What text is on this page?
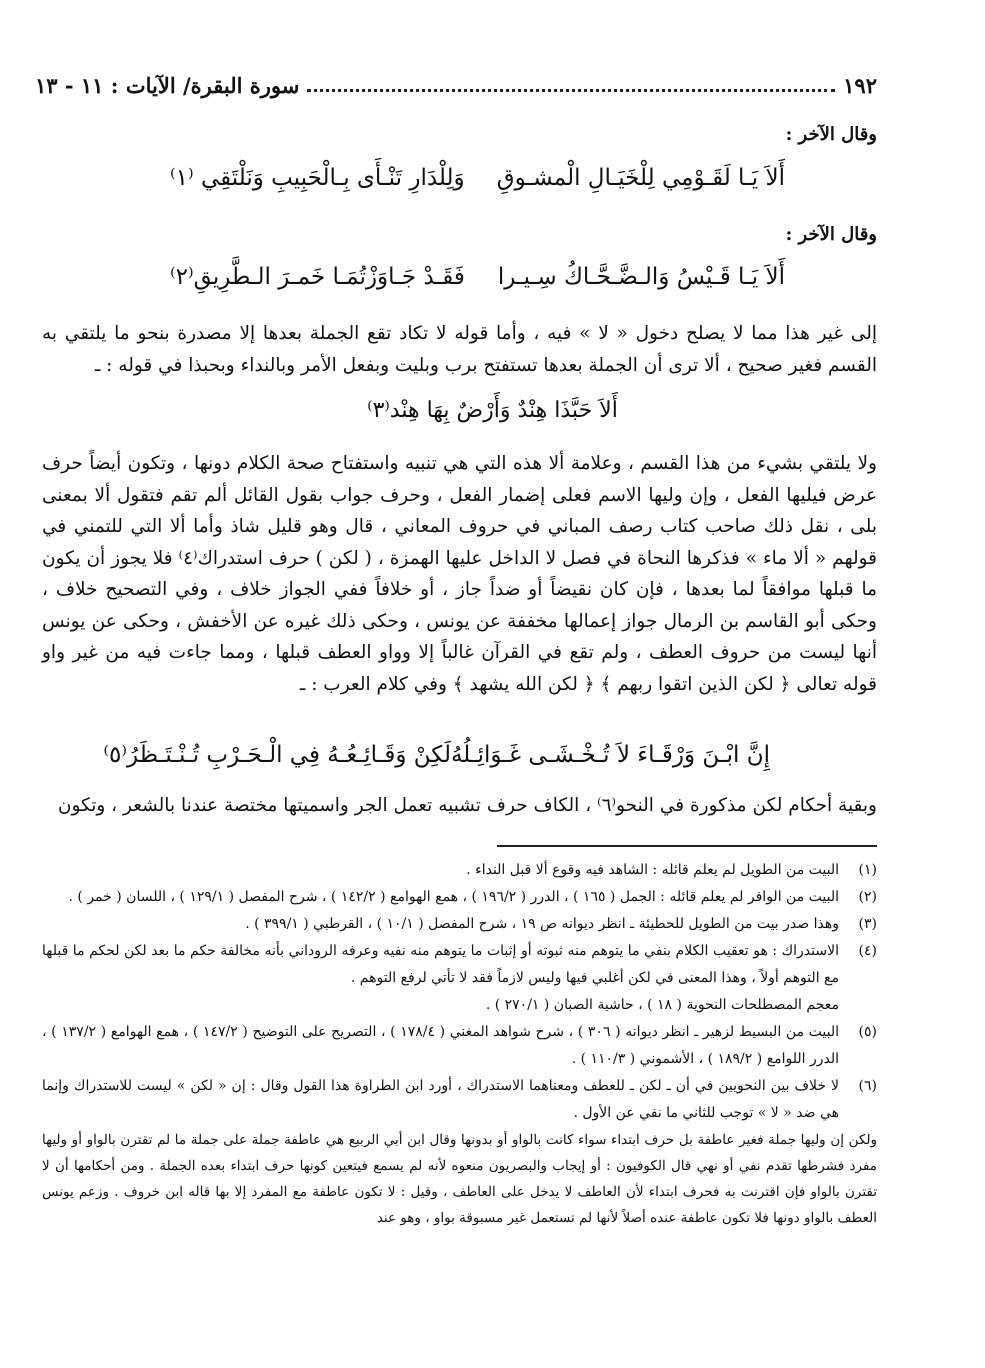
١٩٢
سورة البقرة/ الآيات : ١١ - ١٣
وقال الآخر :
أَلاَ يَـا لَقَـوْمِي لِلْخَيَـالِ الْمشـوقِ
وَلِلْدَارِ تَنْـأَى بِـالْحَبِيبِ وَنَلْتَقِي ⁽١⁾
وقال الآخر :
أَلاَ يَـا قَـيْسُ وَالـضَّـحَّـاكُ سِـيـرا
فَقَـدْ جَـاوَزْتُمَـا خَمـرَ الـطَّرِيقِ⁽٢⁾
إلى غير هذا مما لا يصلح دخول « لا » فيه ، وأما قوله لا تكاد تقع الجملة بعدها إلا مصدرة بنحو ما يلتقي به القسم فغير صحيح ، ألا ترى أن الجملة بعدها تستفتح برب وبليت وبفعل الأمر وبالنداء وبحبذا في قوله : ـ
أَلاَ حَبَّذَا هِنْدٌ وَأَرْضٌ بِهَا هِنْد⁽٣⁾
ولا يلتقي بشيء من هذا القسم ، وعلامة ألا هذه التي هي تنبيه واستفتاح صحة الكلام دونها ، وتكون أيضاً حرف عرض فيليها الفعل ، وإن وليها الاسم فعلى إضمار الفعل ، وحرف جواب بقول القائل ألم تقم فتقول ألا بمعنى بلى ، نقل ذلك صاحب كتاب رصف المباني في حروف المعاني ، قال وهو قليل شاذ وأما ألا التي للتمني في قولهم « ألا ماء » فذكرها النحاة في فصل لا الداخل عليها الهمزة ، ( لكن ) حرف استدراك⁽٤⁾ فلا يجوز أن يكون ما قبلها موافقاً لما بعدها ، فإن كان نقيضاً أو ضداً جاز ، أو خلافاً ففي الجواز خلاف ، وفي التصحيح خلاف ، وحكى أبو القاسم بن الرمال جواز إعمالها مخففة عن يونس ، وحكى ذلك غيره عن الأخفش ، وحكى عن يونس أنها ليست من حروف العطف ، ولم تقع في القرآن غالباً إلا وواو العطف قبلها ، ومما جاءت فيه من غير واو قوله تعالى ﴿ لكن الذين اتقوا ربهم ﴾ ﴿ لكن الله يشهد ﴾ وفي كلام العرب : ـ
إِنَّ ابْـنَ وَرْقَـاءَ لاَ تُـخْـشَـى غَـوَائِـلُهُ
لَكِنْ وَقَـائِـعُـهُ فِي الْـحَـرْبِ تُـنْـتَـظَرُ⁽٥⁾
وبقية أحكام لكن مذكورة في النحو⁽٦⁾ ، الكاف حرف تشبيه تعمل الجر واسميتها مختصة عندنا بالشعر ، وتكون
(١)
البيت من الطويل لم يعلم قائله : الشاهد فيه وقوع ألا قبل النداء .
(٢)
البيت من الوافر لم يعلم قائله : الجمل ( ١٦٥ ) ، الدرر ( ١٩٦/٢ ) ، همع الهوامع ( ١٤٢/٢ ) ، شرح المفصل ( ١٢٩/١ ) ، اللسان ( خمر ) .
(٣)
وهذا صدر بيت من الطويل للحطيئة ـ انظر ديوانه ص ١٩ ، شرح المفصل ( ١٠/١ ) ، القرطبي ( ٣٩٩/١ ) .
(٤)
الاستدراك : هو تعقيب الكلام بنفي ما يتوهم منه ثبوته أو إثبات ما يتوهم منه نفيه وعرفه الروداني بأنه مخالفة حكم ما بعد لكن لحكم ما قبلها مع التوهم أولاً ، وهذا المعنى في لكن أغلبي فيها وليس لازماً فقد لا تأتي لرفع التوهم .
معجم المصطلحات النحوية ( ١٨ ) ، حاشية الصبان ( ٢٧٠/١ ) .
(٥)
البيت من البسيط لزهير ـ انظر ديوانه ( ٣٠٦ ) ، شرح شواهد المغني ( ١٧٨/٤ ) ، التصريح على التوضيح ( ١٤٧/٢ ) ، همع الهوامع ( ١٣٧/٢ ) ، الدرر اللوامع ( ١٨٩/٢ ) ، الأشموني ( ١١٠/٣ ) .
(٦)
لا خلاف بين النحويين في أن ـ لكن ـ للعطف ومعناهما الاستدراك ، أورد ابن الطراوة هذا القول وقال : إن « لكن » ليست للاستدراك وإنما هي ضد « لا » توجب للثاني ما نفي عن الأول .
ولكن إن وليها جملة فغير عاطفة بل حرف ابتداء سواء كانت بالواو أو بدونها وقال ابن أبي الربيع هي عاطفة جملة على جملة ما لم تقترن بالواو أو وليها مفرد فشرطها تقدم نفي أو نهي قال الكوفيون : أو إيجاب والبصريون منعوه لأنه لم يسمع فيتعين كونها حرف ابتداء بعده الجملة . ومن أحكامها أن لا تقترن بالواو فإن اقترنت به فحرف ابتداء لأن العاطف لا يدخل على العاطف ، وقيل : لا تكون عاطفة مع المفرد إلا بها قاله ابن خروف . وزعم يونس العطف بالواو دونها فلا تكون عاطفة عنده أصلاً لأنها لم تستعمل غير مسبوقة بواو ، وهو عند
